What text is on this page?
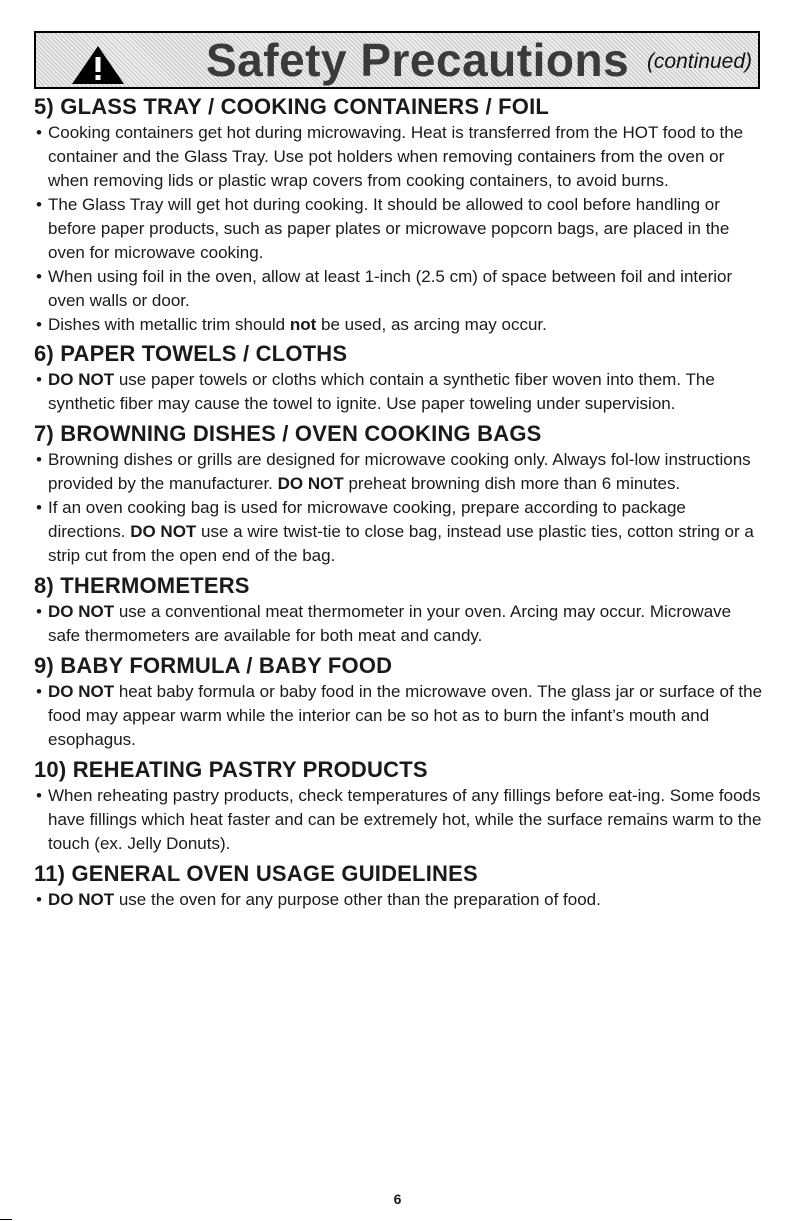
Safety Precautions (continued)
5) GLASS TRAY / COOKING CONTAINERS / FOIL
• Cooking containers get hot during microwaving. Heat is transferred from the HOT food to the container and the Glass Tray. Use pot holders when removing containers from the oven or when removing lids or plastic wrap covers from cooking containers, to avoid burns.
• The Glass Tray will get hot during cooking. It should be allowed to cool before handling or before paper products, such as paper plates or microwave popcorn bags, are placed in the oven for microwave cooking.
• When using foil in the oven, allow at least 1-inch (2.5 cm) of space between foil and interior oven walls or door.
• Dishes with metallic trim should not be used, as arcing may occur.
6) PAPER TOWELS / CLOTHS
• DO NOT use paper towels or cloths which contain a synthetic fiber woven into them. The synthetic fiber may cause the towel to ignite. Use paper toweling under supervision.
7) BROWNING DISHES / OVEN COOKING BAGS
• Browning dishes or grills are designed for microwave cooking only. Always fol-low instructions provided by the manufacturer. DO NOT preheat browning dish more than 6 minutes.
• If an oven cooking bag is used for microwave cooking, prepare according to package directions. DO NOT use a wire twist-tie to close bag, instead use plastic ties, cotton string or a strip cut from the open end of the bag.
8) THERMOMETERS
• DO NOT use a conventional meat thermometer in your oven. Arcing may occur. Microwave safe thermometers are available for both meat and candy.
9) BABY FORMULA / BABY FOOD
• DO NOT heat baby formula or baby food in the microwave oven. The glass jar or surface of the food may appear warm while the interior can be so hot as to burn the infant’s mouth and esophagus.
10) REHEATING PASTRY PRODUCTS
• When reheating pastry products, check temperatures of any fillings before eat-ing. Some foods have fillings which heat faster and can be extremely hot, while the surface remains warm to the touch (ex. Jelly Donuts).
11) GENERAL OVEN USAGE GUIDELINES
• DO NOT use the oven for any purpose other than the preparation of food.
6
